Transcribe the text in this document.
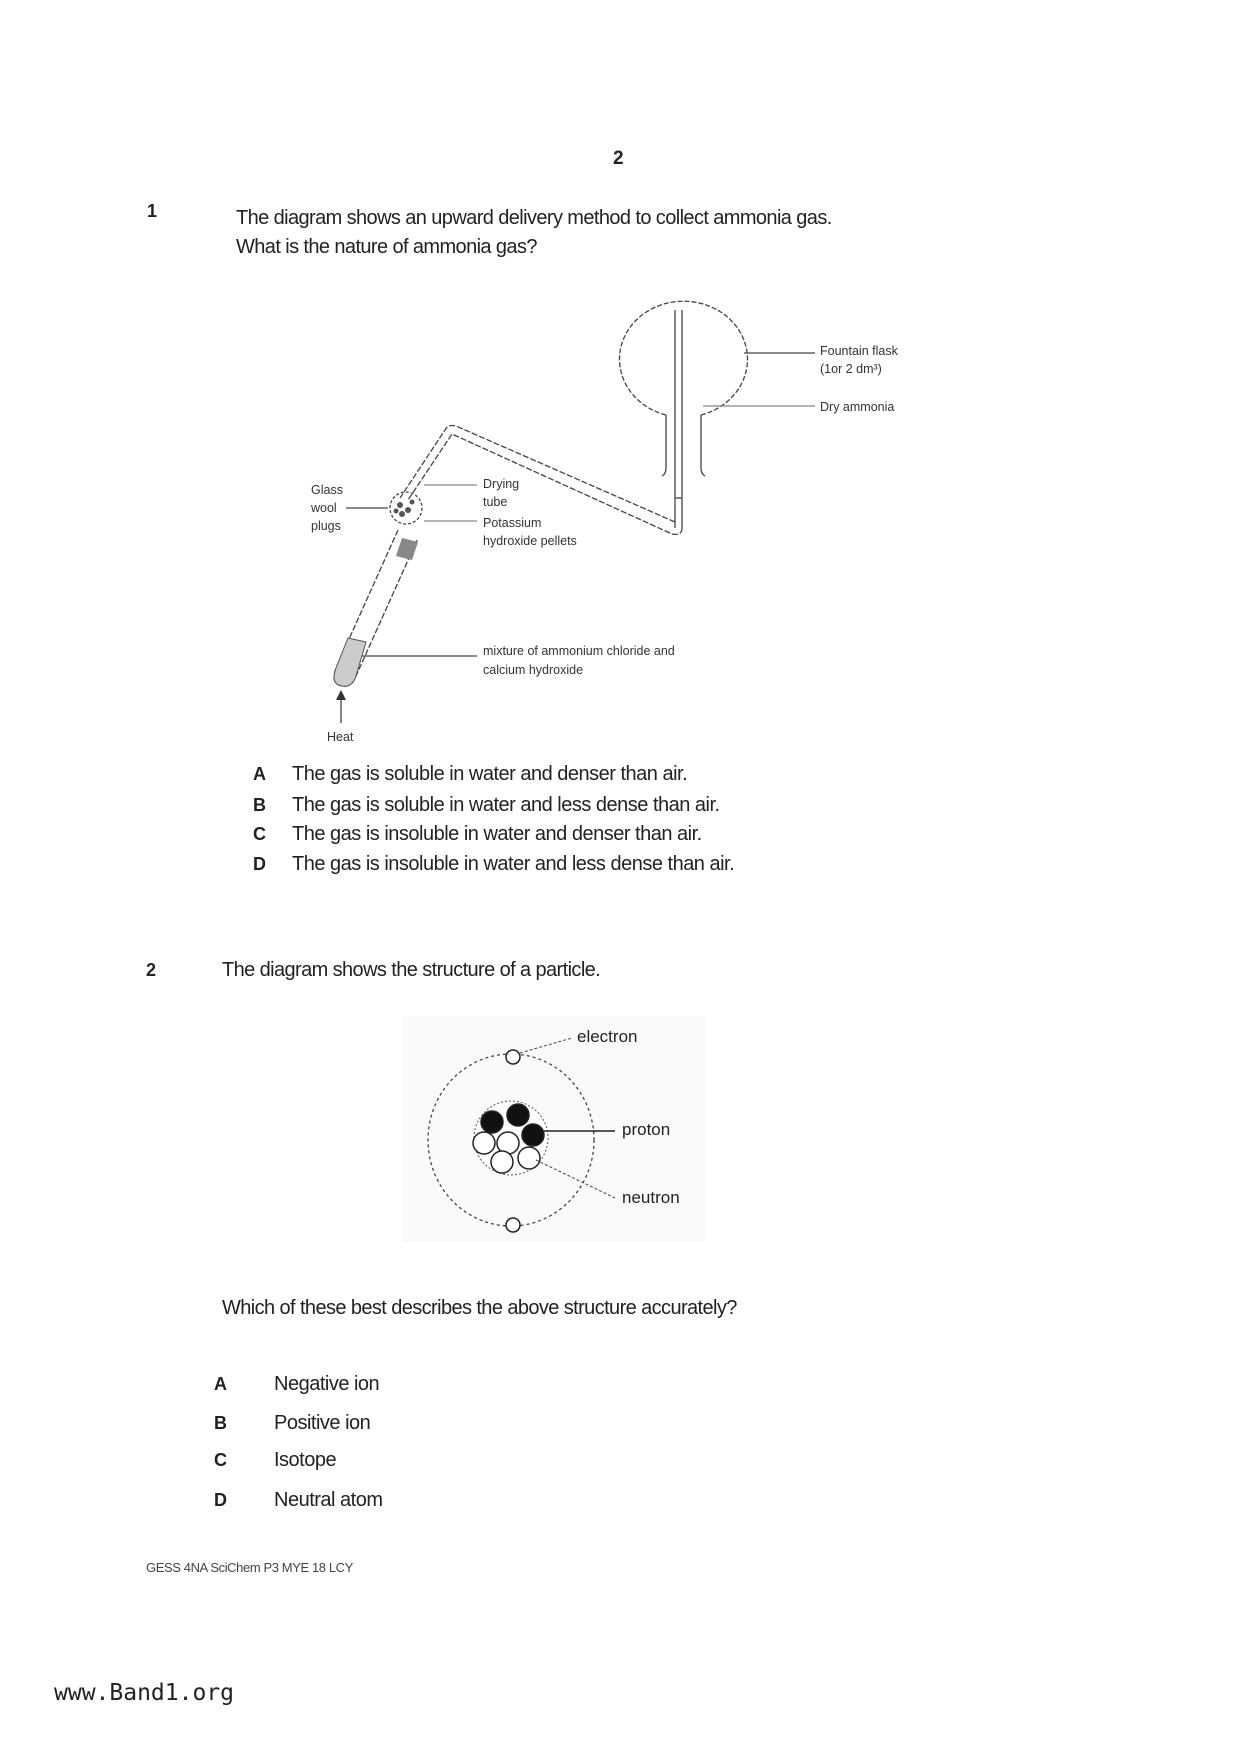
2
1	The diagram shows an upward delivery method to collect ammonia gas.
What is the nature of ammonia gas?
Fountain flask
(1or 2 dm³)
Dry ammonia
Glass
wool
plugs
Drying
tube
Potassium
hydroxide pellets
mixture of ammonium chloride and
calcium hydroxide
Heat
electron
proton
neutron
A The gas is soluble in water and denser than air.
B The gas is soluble in water and less dense than air.
C The gas is insoluble in water and denser than air.
D The gas is insoluble in water and less dense than air.
2	The diagram shows the structure of a particle.
Which of these best describes the above structure accurately?
A Negative ion
B Positive ion
C Isotope
D Neutral atom
GESS 4NA SciChem P3 MYE 18 LCY
www.Band1.org
